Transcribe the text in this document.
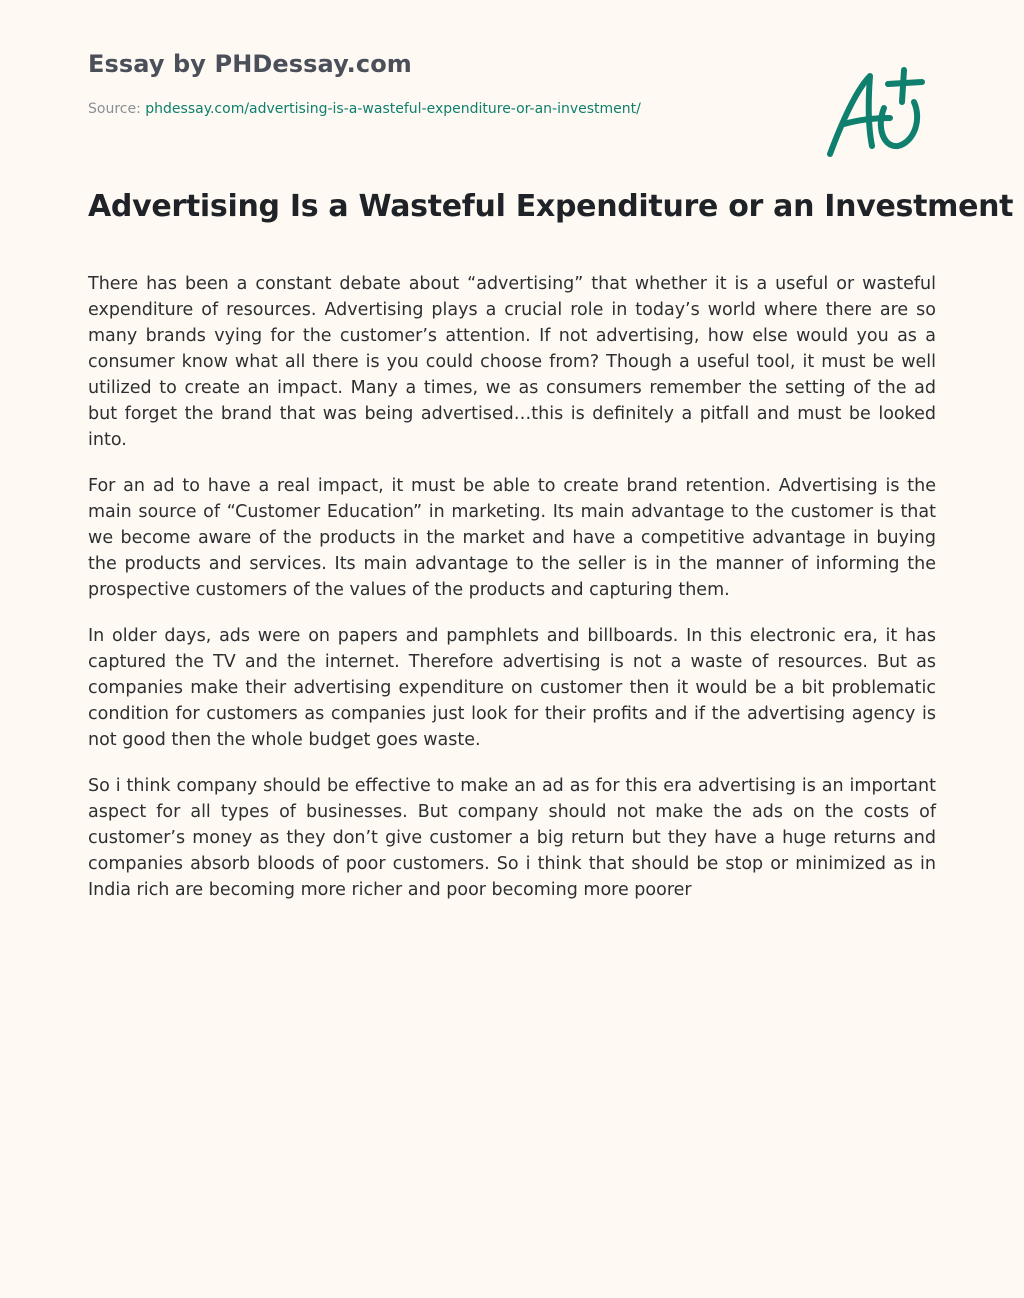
Essay by PHDessay.com
Source: phdessay.com/advertising-is-a-wasteful-expenditure-or-an-investment/
Advertising Is a Wasteful Expenditure or an Investment

There has been a constant debate about “advertising” that whether it is a useful or wasteful expenditure of resources. Advertising plays a crucial role in today’s world where there are so many brands vying for the customer’s attention. If not advertising, how else would you as a consumer know what all there is you could choose from? Though a useful tool, it must be well utilized to create an impact. Many a times, we as consumers remember the setting of the ad but forget the brand that was being advertised…this is definitely a pitfall and must be looked into.

For an ad to have a real impact, it must be able to create brand retention. Advertising is the main source of “Customer Education” in marketing. Its main advantage to the customer is that we become aware of the products in the market and have a competitive advantage in buying the products and services. Its main advantage to the seller is in the manner of informing the prospective customers of the values of the products and capturing them.

In older days, ads were on papers and pamphlets and billboards. In this electronic era, it has captured the TV and the internet. Therefore advertising is not a waste of resources. But as companies make their advertising expenditure on customer then it would be a bit problematic condition for customers as companies just look for their profits and if the advertising agency is not good then the whole budget goes waste.

So i think company should be effective to make an ad as for this era advertising is an important aspect for all types of businesses. But company should not make the ads on the costs of customer’s money as they don’t give customer a big return but they have a huge returns and companies absorb bloods of poor customers. So i think that should be stop or minimized as in India rich are becoming more richer and poor becoming more poorer
